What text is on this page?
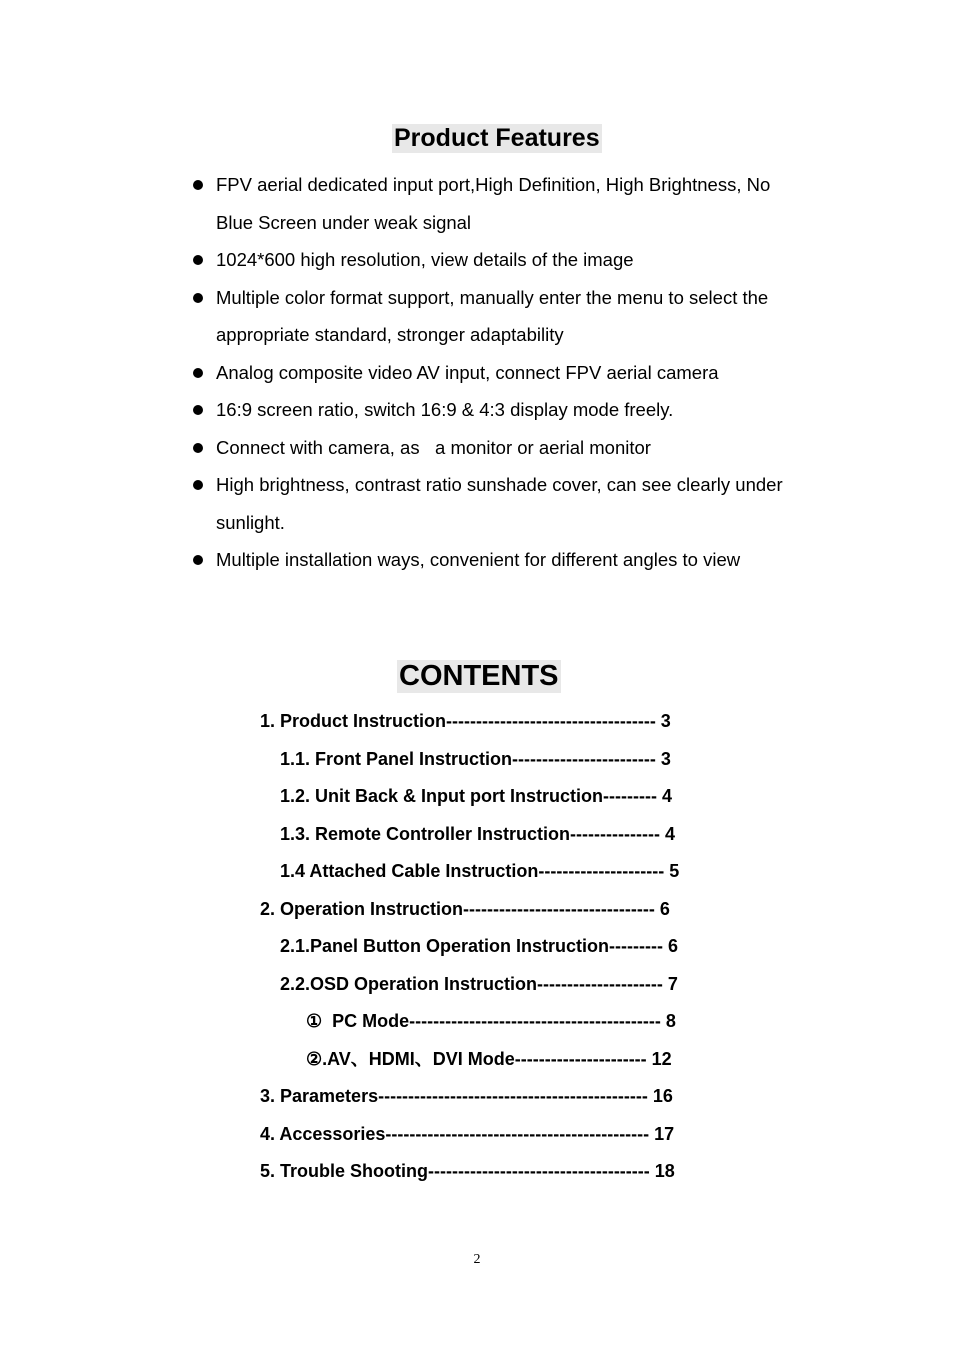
Product Features
FPV aerial dedicated input port,High Definition, High Brightness, No
Blue Screen under weak signal
1024*600 high resolution, view details of the image
Multiple color format support, manually enter the menu to select the
appropriate standard, stronger adaptability
Analog composite video AV input, connect FPV aerial camera
16:9 screen ratio, switch 16:9 & 4:3 display mode freely.
Connect with camera, as   a monitor or aerial monitor
High brightness, contrast ratio sunshade cover, can see clearly under
sunlight.
Multiple installation ways, convenient for different angles to view
CONTENTS
1. Product Instruction----------------------------------- 3
1.1. Front Panel Instruction------------------------ 3
1.2. Unit Back & Input port Instruction--------- 4
1.3. Remote Controller Instruction--------------- 4
1.4 Attached Cable Instruction--------------------- 5
2. Operation Instruction-------------------------------- 6
2.1.Panel Button Operation Instruction--------- 6
2.2.OSD Operation Instruction--------------------- 7
①  PC Mode------------------------------------------ 8
②.AV、HDMI、DVI Mode---------------------- 12
3. Parameters--------------------------------------------- 16
4. Accessories-------------------------------------------- 17
5. Trouble Shooting------------------------------------- 18
2
